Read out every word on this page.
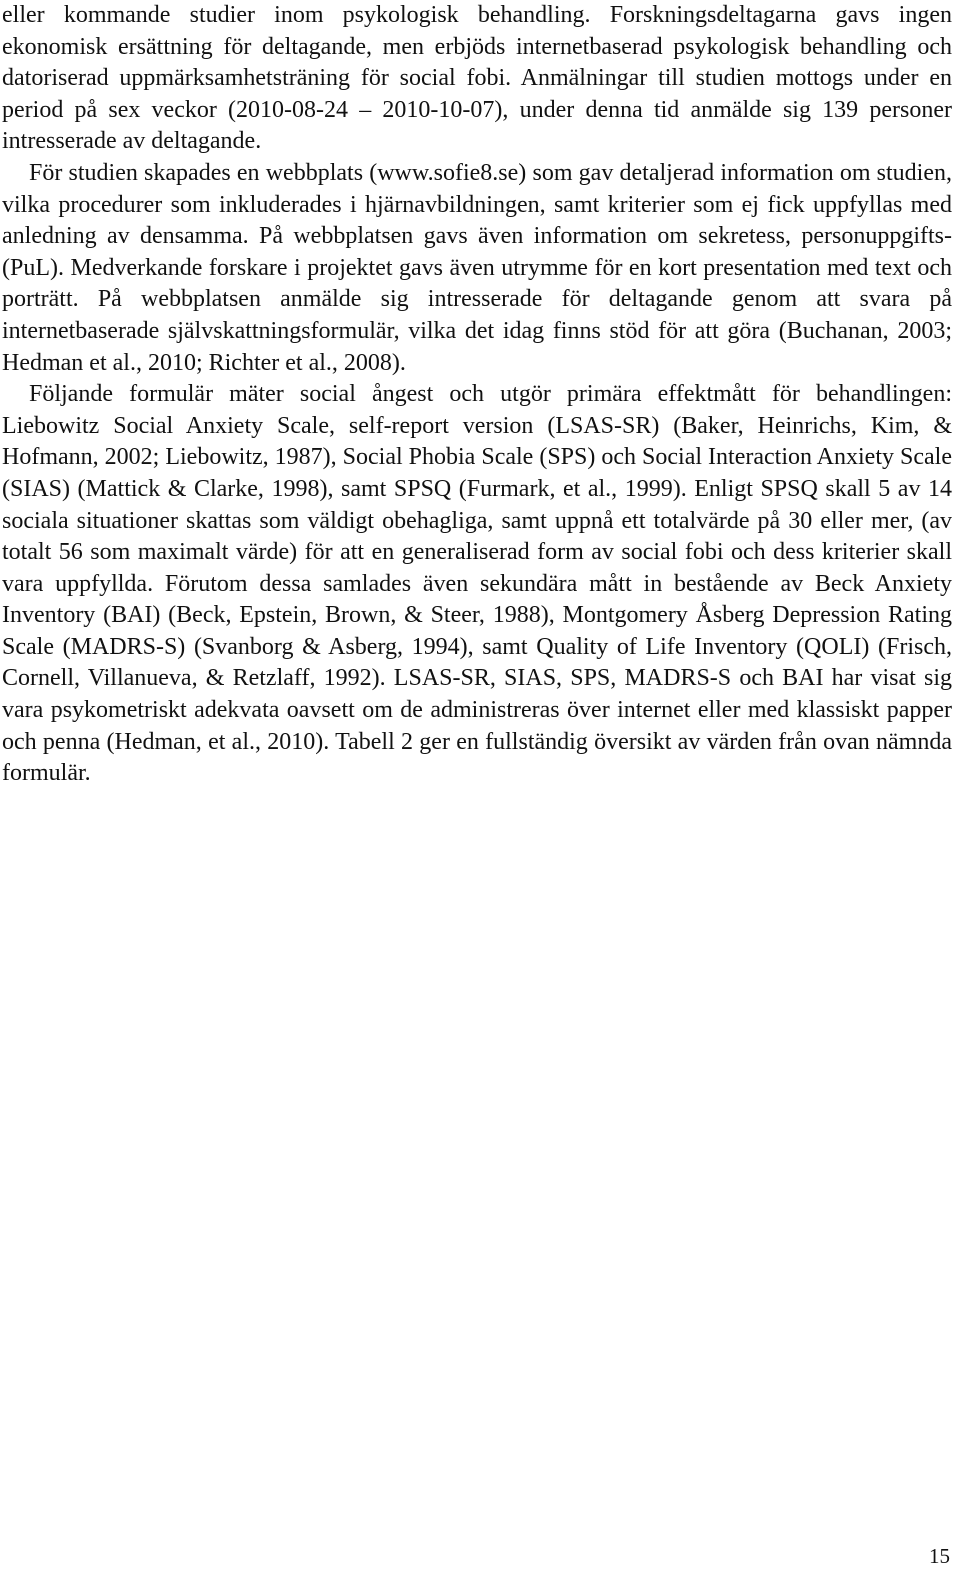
eller kommande studier inom psykologisk behandling. Forskningsdeltagarna gavs ingen ekonomisk ersättning för deltagande, men erbjöds internetbaserad psykologisk behandling och datoriserad uppmärksamhetsträning för social fobi. Anmälningar till studien mottogs under en period på sex veckor (2010-08-24 – 2010-10-07), under denna tid anmälde sig 139 personer intresserade av deltagande.

För studien skapades en webbplats (www.sofie8.se) som gav detaljerad information om studien, vilka procedurer som inkluderades i hjärnavbildningen, samt kriterier som ej fick uppfyllas med anledning av densamma. På webbplatsen gavs även information om sekretess, personuppgifts- (PuL). Medverkande forskare i projektet gavs även utrymme för en kort presentation med text och porträtt. På webbplatsen anmälde sig intresserade för deltagande genom att svara på internetbaserade självskattningsformulär, vilka det idag finns stöd för att göra (Buchanan, 2003; Hedman et al., 2010; Richter et al., 2008).

Följande formulär mäter social ångest och utgör primära effektmått för behandlingen: Liebowitz Social Anxiety Scale, self-report version (LSAS-SR) (Baker, Heinrichs, Kim, & Hofmann, 2002; Liebowitz, 1987), Social Phobia Scale (SPS) och Social Interaction Anxiety Scale (SIAS) (Mattick & Clarke, 1998), samt SPSQ (Furmark, et al., 1999). Enligt SPSQ skall 5 av 14 sociala situationer skattas som väldigt obehagliga, samt uppnå ett totalvärde på 30 eller mer, (av totalt 56 som maximalt värde) för att en generaliserad form av social fobi och dess kriterier skall vara uppfyllda. Förutom dessa samlades även sekundära mått in bestående av Beck Anxiety Inventory (BAI) (Beck, Epstein, Brown, & Steer, 1988), Montgomery Åsberg Depression Rating Scale (MADRS-S) (Svanborg & Asberg, 1994), samt Quality of Life Inventory (QOLI) (Frisch, Cornell, Villanueva, & Retzlaff, 1992). LSAS-SR, SIAS, SPS, MADRS-S och BAI har visat sig vara psykometriskt adekvata oavsett om de administreras över internet eller med klassiskt papper och penna (Hedman, et al., 2010). Tabell 2 ger en fullständig översikt av värden från ovan nämnda formulär.

15
